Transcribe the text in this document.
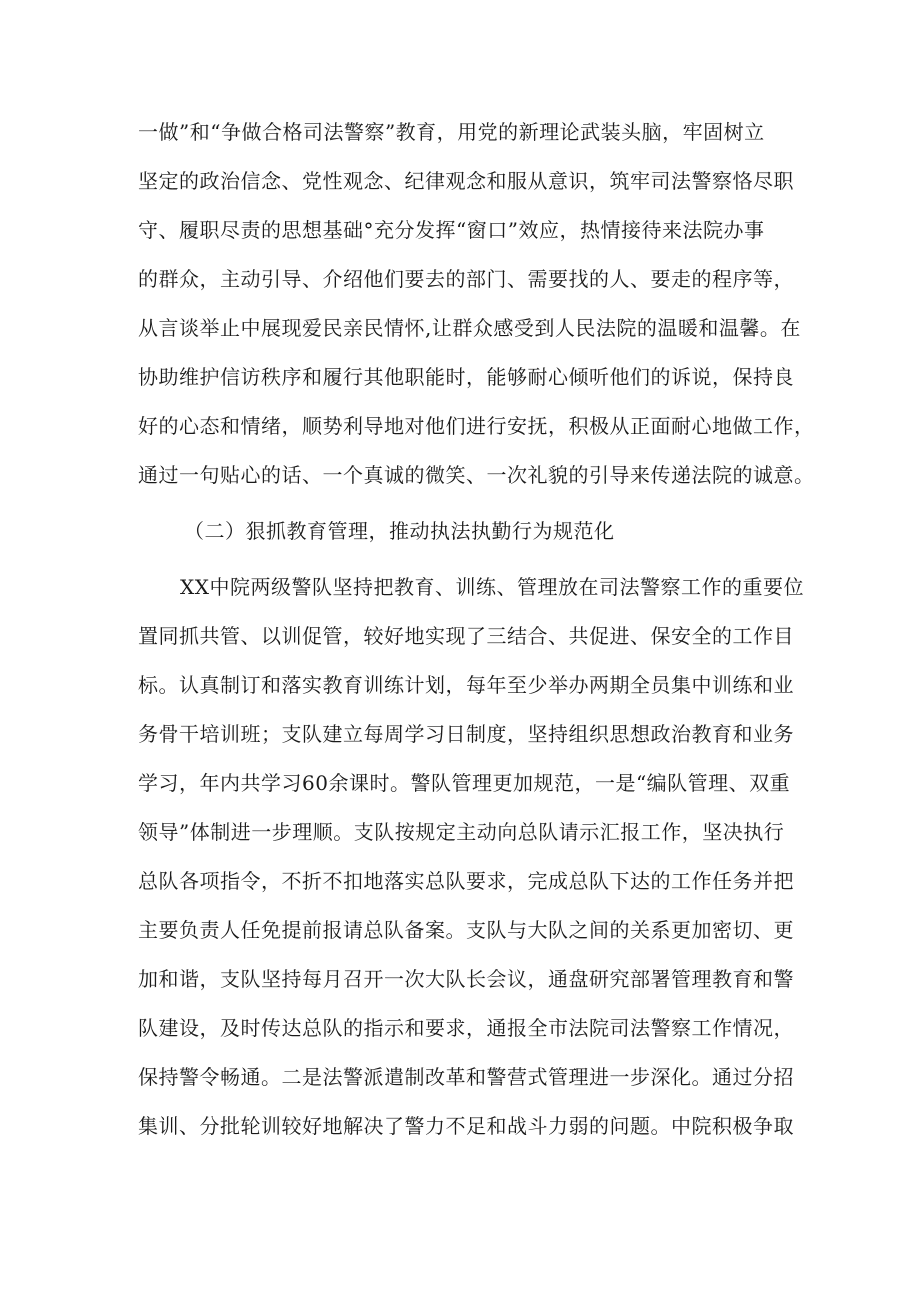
一做”和“争做合格司法警察”教育，用党的新理论武装头脑，牢固树立
坚定的政治信念、党性观念、纪律观念和服从意识，筑牢司法警察恪尽职
守、履职尽责的思想基础°充分发挥“窗口”效应，热情接待来法院办事
的群众，主动引导、介绍他们要去的部门、需要找的人、要走的程序等，
从言谈举止中展现爱民亲民情怀,让群众感受到人民法院的温暖和温馨。在
协助维护信访秩序和履行其他职能时，能够耐心倾听他们的诉说，保持良
好的心态和情绪，顺势利导地对他们进行安抚，积极从正面耐心地做工作，
通过一句贴心的话、一个真诚的微笑、一次礼貌的引导来传递法院的诚意。
（二）狠抓教育管理，推动执法执勤行为规范化
XX中院两级警队坚持把教育、训练、管理放在司法警察工作的重要位
置同抓共管、以训促管，较好地实现了三结合、共促进、保安全的工作目
标。认真制订和落实教育训练计划，每年至少举办两期全员集中训练和业
务骨干培训班；支队建立每周学习日制度，坚持组织思想政治教育和业务
学习，年内共学习60余课时。警队管理更加规范，一是“编队管理、双重
领导”体制进一步理顺。支队按规定主动向总队请示汇报工作，坚决执行
总队各项指令，不折不扣地落实总队要求，完成总队下达的工作任务并把
主要负责人任免提前报请总队备案。支队与大队之间的关系更加密切、更
加和谐，支队坚持每月召开一次大队长会议，通盘研究部署管理教育和警
队建设，及时传达总队的指示和要求，通报全市法院司法警察工作情况，
保持警令畅通。二是法警派遣制改革和警营式管理进一步深化。通过分招
集训、分批轮训较好地解决了警力不足和战斗力弱的问题。中院积极争取
